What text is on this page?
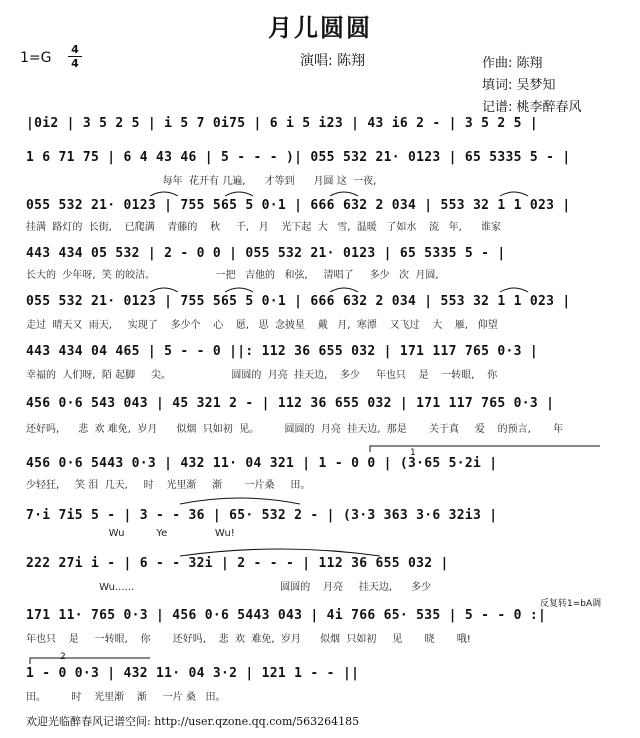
月儿圆圆
1=G
4
4	演唱: 陈翔	作曲: 陈翔
填词: 吴梦知
记谱: 桃李醉春风
|0i2 | 3 5 2 5 | i 5 7 0i75 | 6 i 5 i23 | 43 i6 2 - | 3 5 2 5 |
1 6 71 75 | 6 4 43 46 | 5 - - - )| 055 532 21· 0123 | 65 5335 5 - |
每年  花开有 几遍,      才等到      月圆 这  一夜,
055 532 21· 0123 | 755 565 5 0·1 | 666 632 2 034 | 553 32 1 1 023 |
挂满  路灯的  长街,    已爬满    青藤的    秋     千,   月    光下起  大   雪,  温暖   了如水    流   年,      谁家
443 434 05 532 | 2 - 0 0 | 055 532 21· 0123 | 65 5335 5 - |
长大的  少年呀,  笑 的皎洁。                   一把   吉他的   和弦,     清唱了     多少   次  月圆,
055 532 21· 0123 | 755 565 5 0·1 | 666 632 2 034 | 553 32 1 1 023 |
走过  晴天又  雨天,     实现了    多少个    心    愿,   思  念披星    戴   月,  寒潭    又飞过    大    雁,   仰望
443 434 04 465 | 5 - - 0 ||: 112 36 655 032 | 171 117 765 0·3 |
幸福的  人们呀,  陌 起脚     尖。                   圆圆的  月亮  挂天边,    多少     年也只    是    一转眼,    你
456 0·6 543 043 | 45 321 2 - | 112 36 655 032 | 171 117 765 0·3 |
还好吗,      悲  欢 难免,  岁月      似烟  只如初  见。        圆圆的  月亮  挂天边,  那是       关于真     爱    的预言,       年
456 0·6 5443 0·3 | 432 11· 04 321 | 1 - 0 0 | (3·65 5·2i |
少轻狂,     笑 泪  几天,     时    光里渐     渐       一片桑     田。
7·i 7i5 5 - | 3 - - 36 | 65· 532 2 - | (3·3 363 3·6 32i3 |
Wu          Ye               Wu!
222 27i i - | 6 - - 32i | 2 - - - | 112 36 655 032 |
Wu......                                              圆圆的    月亮     挂天边,      多少
反复转1=bA调
171 11· 765 0·3 | 456 0·6 5443 043 | 4i 766 65· 535 | 5 - - 0 :|
年也只    是     一转眼,    你       还好吗,    悲  欢  难免,  岁月      似烟  只如初     见       晓       哦!
2
1 - 0 0·3 | 432 11· 04 3·2 | 121 1 - - ||
田。        时    光里渐    渐     一片 桑   田。
1
欢迎光临醉春风记谱空间: http://user.qzone.qq.com/563264185
